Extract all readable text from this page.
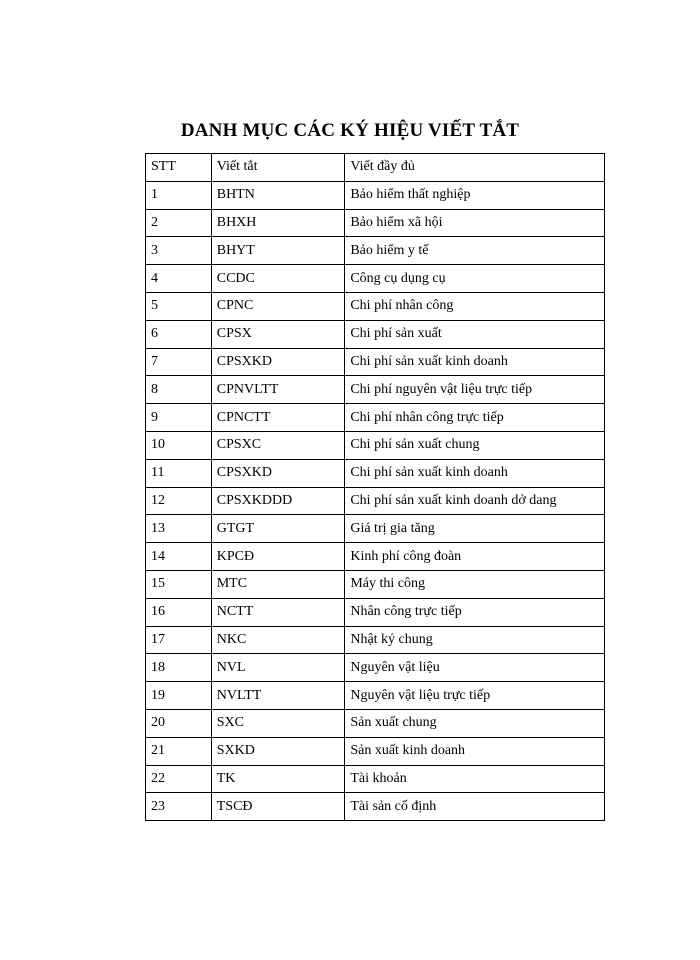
DANH MỤC CÁC KÝ HIỆU VIẾT TẮT
STT	Viết tắt	Viết đầy đủ
1	BHTN	Bảo hiểm thất nghiệp
2	BHXH	Bảo hiểm xã hội
3	BHYT	Bảo hiểm y tế
4	CCDC	Công cụ dụng cụ
5	CPNC	Chi phí nhân công
6	CPSX	Chi phí sản xuất
7	CPSXKD	Chi phí sản xuất kinh doanh
8	CPNVLTT	Chi phí nguyên vật liệu trực tiếp
9	CPNCTT	Chi phí nhân công trực tiếp
10	CPSXC	Chi phí sản xuất chung
11	CPSXKD	Chi phí sản xuất kinh doanh
12	CPSXKDDD	Chi phí sản xuất kinh doanh dở dang
13	GTGT	Giá trị gia tăng
14	KPCĐ	Kinh phí công đoàn
15	MTC	Máy thi công
16	NCTT	Nhân công trực tiếp
17	NKC	Nhật ký chung
18	NVL	Nguyên vật liệu
19	NVLTT	Nguyên vật liệu trực tiếp
20	SXC	Sản xuất chung
21	SXKD	Sản xuất kinh doanh
22	TK	Tài khoản
23	TSCĐ	Tài sản cố định
